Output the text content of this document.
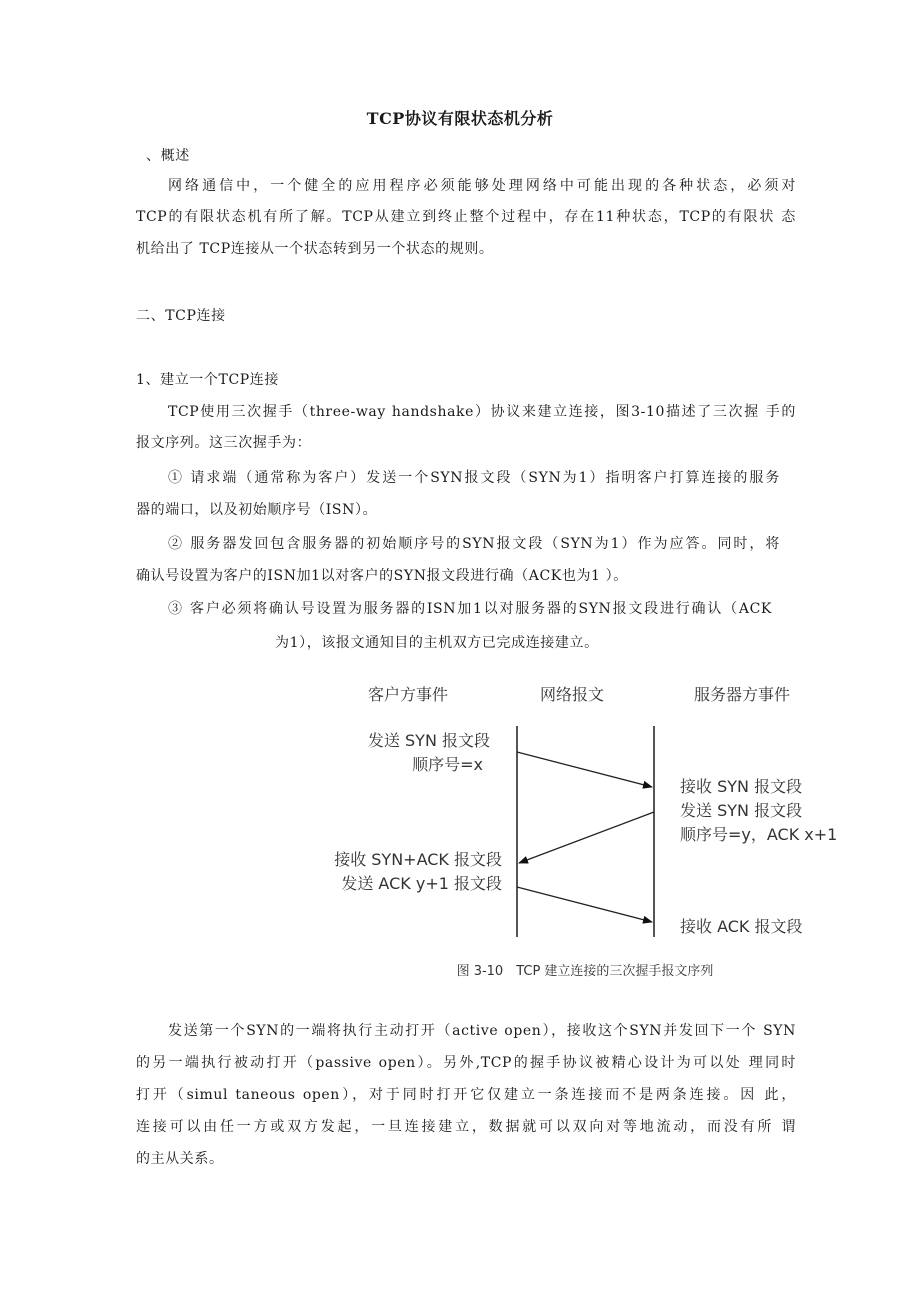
TCP协议有限状态机分析
、概述
网络通信中，一个健全的应用程序必须能够处理网络中可能出现的各种状态，必须对
TCP的有限状态机有所了解。TCP从建立到终止整个过程中，存在11种状态，TCP的有限状 态
机给出了 TCP连接从一个状态转到另一个状态的规则。
二、TCP连接
1、建立一个TCP连接
TCP使用三次握手（three-way handshake）协议来建立连接，图3-10描述了三次握 手的
报文序列。这三次握手为：
① 请求端（通常称为客户）发送一个SYN报文段（SYN为1）指明客户打算连接的服务
器的端口，以及初始顺序号（ISN）。
② 服务器发回包含服务器的初始顺序号的SYN报文段（SYN为1）作为应答。同时，将
确认号设置为客户的ISN加1以对客户的SYN报文段进行确（ACK也为1 ）。
③ 客户必须将确认号设置为服务器的ISN加1以对服务器的SYN报文段进行确认（ACK
为1），该报文通知目的主机双方已完成连接建立。
客户方事件	网络报文	服务器方事件
发送 SYN 报文段
顺序号=x
接收 SYN+ACK 报文段
发送 ACK y+1 报文段
接收 SYN 报文段
发送 SYN 报文段
顺序号=y，ACK x+1
接收 ACK 报文段
图 3-10　TCP 建立连接的三次握手报文序列
发送第一个SYN的一端将执行主动打开（active open），接收这个SYN并发回下一个 SYN
的另一端执行被动打开（passive open）。另外,TCP的握手协议被精心设计为可以处 理同时
打开（simul taneous open），对于同时打开它仅建立一条连接而不是两条连接。因 此，
连接可以由任一方或双方发起，一旦连接建立，数据就可以双向对等地流动，而没有所 谓
的主从关系。
